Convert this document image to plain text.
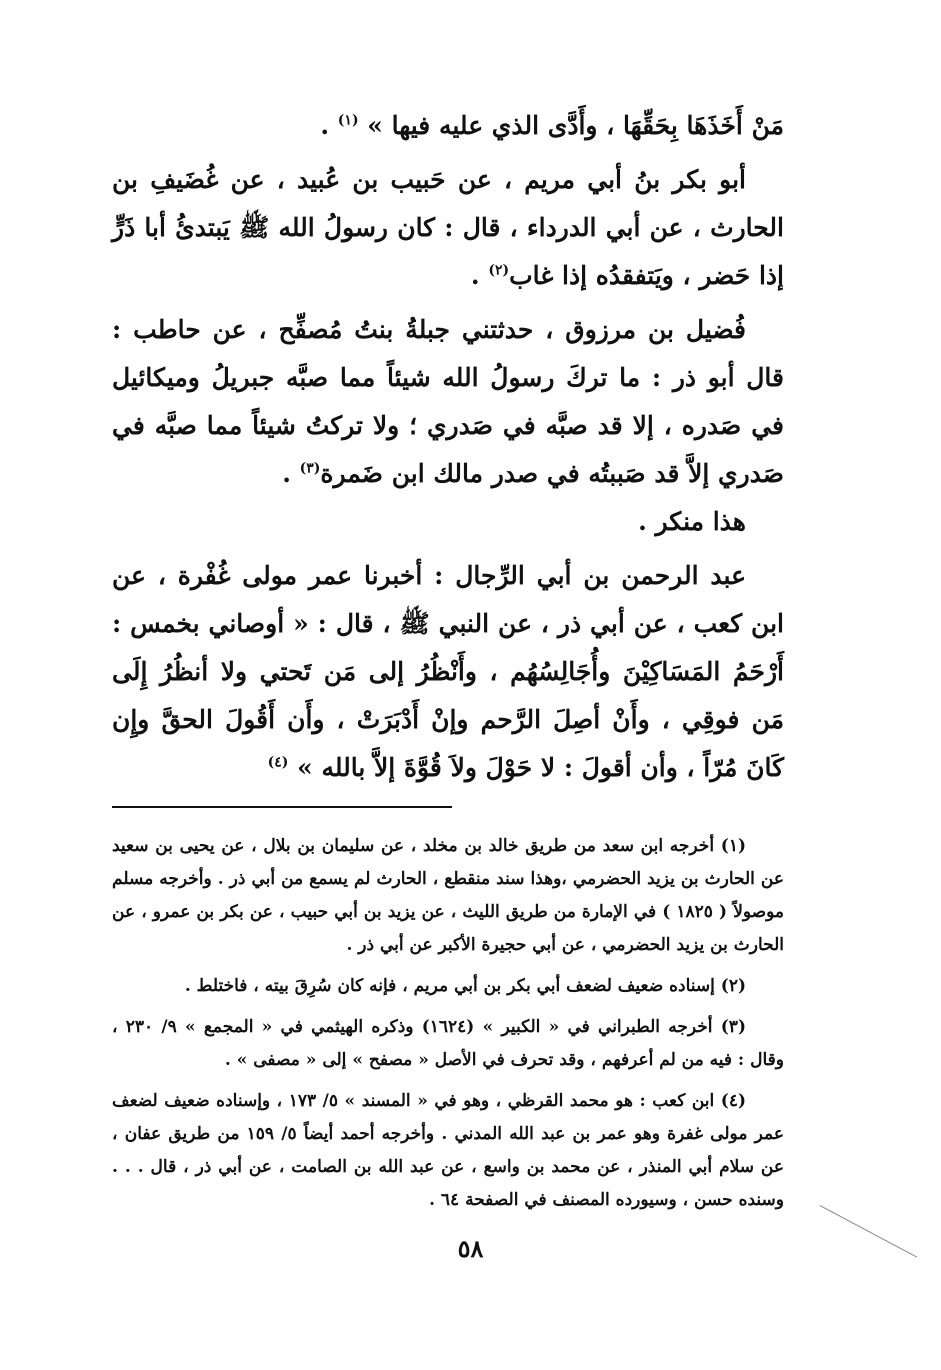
مَنْ أَخَذَهَا بِحَقِّهَا ، وأَدَّى الذي عليه فيها » $^{(١)}$ .

أبو بكر بنُ أبي مريم ، عن حَبيب بن عُبيد ، عن غُضَيفِ بن الحارث ، عن أبي الدرداء ، قال : كان رسولُ الله ﷺ يَبتدئُ أبا ذَرٍّ إذا حَضر ، ويَتفقدُه إذا غاب$^{(٢)}$ .

فُضيل بن مرزوق ، حدثتني جبلةُ بنتُ مُصفِّح ، عن حاطب : قال أبو ذر : ما تركَ رسولُ الله شيئاً مما صبَّه جبريلُ وميكائيل في صَدره ، إلا قد صبَّه في صَدري ؛ ولا تركتُ شيئاً مما صبَّه في صَدري إلاَّ قد صَببتُه في صدر مالك ابن ضَمرة$^{(٣)}$ .

هذا منكر .

عبد الرحمن بن أبي الرِّجال : أخبرنا عمر مولى غُفْرة ، عن ابن كعب ، عن أبي ذر ، عن النبي ﷺ ، قال : « أوصاني بخمس : أَرْحَمُ المَسَاكِيْنَ وأُجَالِسُهُم ، وأَنْظُرُ إلى مَن تَحتي ولا أنظُرُ إِلَى مَن فوقِي ، وأَنْ أصِلَ الرَّحم وإنْ أَدْبَرَتْ ، وأَن أَقُولَ الحقَّ وإِن كَانَ مُرّاً ، وأن أقولَ : لا حَوْلَ ولاَ قُوَّةَ إلاَّ بالله » $^{(٤)}$

(١) أخرجه ابن سعد من طريق خالد بن مخلد ، عن سليمان بن بلال ، عن يحيى بن سعيد عن الحارث بن يزيد الحضرمي ،وهذا سند منقطع ، الحارث لم يسمع من أبي ذر . وأخرجه مسلم موصولاً ( ١٨٢٥ ) في الإمارة من طريق الليث ، عن يزيد بن أبي حبيب ، عن بكر بن عمرو ، عن الحارث بن يزيد الحضرمي ، عن أبي حجيرة الأكبر عن أبي ذر .

(٢) إسناده ضعيف لضعف أبي بكر بن أبي مريم ، فإنه كان سُرِقَ بيته ، فاختلط .

(٣) أخرجه الطبراني في « الكبير » (١٦٢٤) وذكره الهيثمي في « المجمع » ٩/ ٢٣٠ ، وقال : فيه من لم أعرفهم ، وقد تحرف في الأصل « مصفح » إلى « مصفى » .

(٤) ابن كعب : هو محمد القرظي ، وهو في « المسند » ٥/ ١٧٣ ، وإسناده ضعيف لضعف عمر مولى غفرة وهو عمر بن عبد الله المدني . وأخرجه أحمد أيضاً ٥/ ١٥٩ من طريق عفان ، عن سلام أبي المنذر ، عن محمد بن واسع ، عن عبد الله بن الصامت ، عن أبي ذر ، قال . . . وسنده حسن ، وسيورده المصنف في الصفحة ٦٤ .

٥٨
